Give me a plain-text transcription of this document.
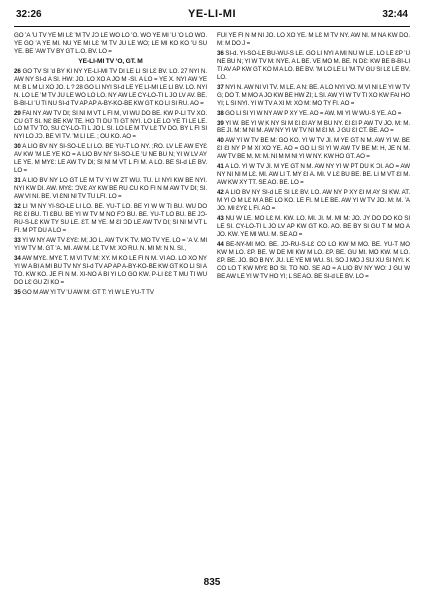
32:26	YE-LI-MI	32:44

GO ʼA ʼU TV YE MI LƐ ʼM TV JƆ LE WO LO ʼO. WO YE MI ʼU ʼO LO WO. YE GO ʼA YE MI. NU YE MI LƐ ʼM TV JU LE WO; LE MI KO KO ʼU SU YE. BE ʼAW TV BY GT L.O. BV. LO =

YE-LI-MI TV ʼO, GT. M

26 GO TV SI ʼd BY KI NY YE-LI-MI TV DI LE LI SI LƐ BV. LO. 27 NYI N. AW NY SI-d A SI. HW: JO. LO XO A JO M -SI. A LO = YE X. NYI AW YE M: B L M LI XO JO. L ? 28 GO LI NYI SI-d LE YE LI-MI LE LI BV. LO. NYI N. LO LE ʼM TV JU LE WO LO LO. NY AW LE CY-LO-TI L JO LV AV. BE. B-BI-LI ʼU TI NU SI-d TV AP AP A-BY-KO-BE KW GT KO LI SI RU. AO =

29 FAI NY AW TV DI; SI NI M VT L FI M, VI WU DO BE. KW P-LI TV XO. CU GT SI. NƐ BE KW TE. HO TI DU TI GT NYI. LO LE LO YE TI LE LE. LO M TV TO, SU CY-LO-TI L JO L SI. LO LE M TV LƐ TV DO. BY L FI SI NYI LO JƆ. BE VI TV. ʼM LI LE. ; OU KO. AO =

30 A LIO BV NY SI-SO-LE LI LO. BE YU-T LO NY. ;RO. LV LE AW EYƐ AV KW ʼM LE YE KO = A LIO BV NY SI-SO-LE ʼU NE BU N; YI W LV AY LE YE. M MYƐ: LE AW TV DI; SI NI M VT L FI M. A LO. BE SI-d LE BV. LO =

31 A LIO BV NY LO GT LE M TV YI W ZT WU. TU. LI NYI KW BE NYI. NYI KW DI. AW. MYƐ: ƆVƐ AY KW BE RU CU KO FI N M AW TV DI; SI. AW VI NI. BE. VI ƐNI NI TV TU LFI. LO =

32 LI ʼM NY YI-SO-LE LI LO. BE. YU-T LO. BE YI W W TI BU. WU DO RƐ ƐI BU. TI ƐBU. BE YI W TV M NO FƆ BU. BE. YU-T LO BU. BE JƆ-RU-S-LƐ KW TY SU LE. ƐT. M YE. M ƐI ƆD LE AW TV DI; SI NI M VT L FI. M PT DU A LO =

33 YI W NY AW TV ƐYƐ: M; JO L. AW TV K TV. MO TV YE. LO = ʼA V. MI YI W TV M. GT ʼA. MI. AW M. LƐ TV M: XO RU. N. MI M: N N. SI.,

34 AW MYƐ. MYƐ T. M VI TV M: XY. M KO LE FI N M. VI AO. LO XO NY YI W A BI A MI BU TV NY SI-d TV AP AP A-BY-KO-BE KW GT KO LI SI A TO. KW KO. JE FI N M. XI-NO A BI YI LO GO KW. P-LI ƐƐ T MU TI WU DO LƐ GU ZI KO =

35 GO M AW YI TV ʼU AW M: GT T: YI W LE YU-T TV

FUI YE FI N M NI JO. LO XO YE. M LƐ M TV NY. AW NI. M NA KW DO. M: M DO J =

36 SI-d. YI-SO-LE BU-WU-S LE. GO LI NYI A MI NU W LE. LO LE ƐP ʼU NE BU N; YI W TV M: NYE. A L BE. VE MO M. BE. N DƐ: KW BE B-BI-LI TI AV AP KW GT KO M A LO. BE BV. ʼM LO LE LI ʼM TV GU SI LƐ LE BV. LO.

37 NYI N. AW NI VI TV. M LE. A N: BE. A LO NYI VO. M VI NI LE YI W TV G; DO T. M MO A JO KW BE HW ZI; L SI. AW YI W TV TI XO KW FAI HO YI; L SI NYI. YI W TV A XI M: XO M: MO TY FI. AO =

38 GO LI SI YI W NY AW P XY YE. AO = AW. MI YI W WU-S YE. AO =

39 YI W. BE YI W K NY SI M ƐI ƐI AY M BU NY. ƐI ƐI P AW TV JO. M: M. BE JI. M: M NI M. AW NY YI W TV NI M ƐI M. J GU ƐI CT. BE. AO =

40 AW YI W TV BE M: GO KO. YI W TV JI. M YE GT N M. AW YI W. BE ƐI ƐI NY P M XI XO YE. AO = GO LI SI YI W AW TV BE M: H, JE N M. AW TV BE M. M: M. NI M M NI YI W NY. KW HO GT. AO =

41 A LO. YI W TV JI. M YE GT N M. AW NY YI W PT DU K ƆI. AO = AW NY NI NI M LƐ. MI. AW LI T. MY ƐI A. MI. V LƐ BU BE. BE. LI M VT ƐI M. AW KW XY TT. SE AO. BE. LO =

42 A LIO BV NY SI-d LE SI LƐ BV. LO. AW NY P XY ƐI M AY SI KW. AT. M YI O M LƐ M A BE LO KO. LE FI. M LE BE. AW YI W TV JO. M: M. ʼA JO. MI ƐYƐ L FI. AO =

43 NU W LE. MO LƐ M. KW. LO. MI. JI. M. MI M: JO. JY DO DO KO SI LE SI. CY-LO-TI L JO LV AP KW GT KO. AO. BE BY SI GU T M MO A JO. KW. YE MI WU. M. SE AO =

44 BE-NY-MI MO. BE. JƆ-RU-S-LƐ CO LO KW M MO. BE. YU-T MO KW M LO. ƐP. BE. W DE MI KW M LO. ƐP. BE. GU MI. MO KW. M LO. ƐP. BE. JO. BO B NY. JU. LE YE MI WU. SI. SO J MO J SU XU SI NYI. K CO LO T KW MYƐ BO SI. TO NO. SE AO = A LIO BV NY WO: J GU W BE AW LE YI W TV HO YI; L SE AO. BE SI-d LE BV. LO =

835
